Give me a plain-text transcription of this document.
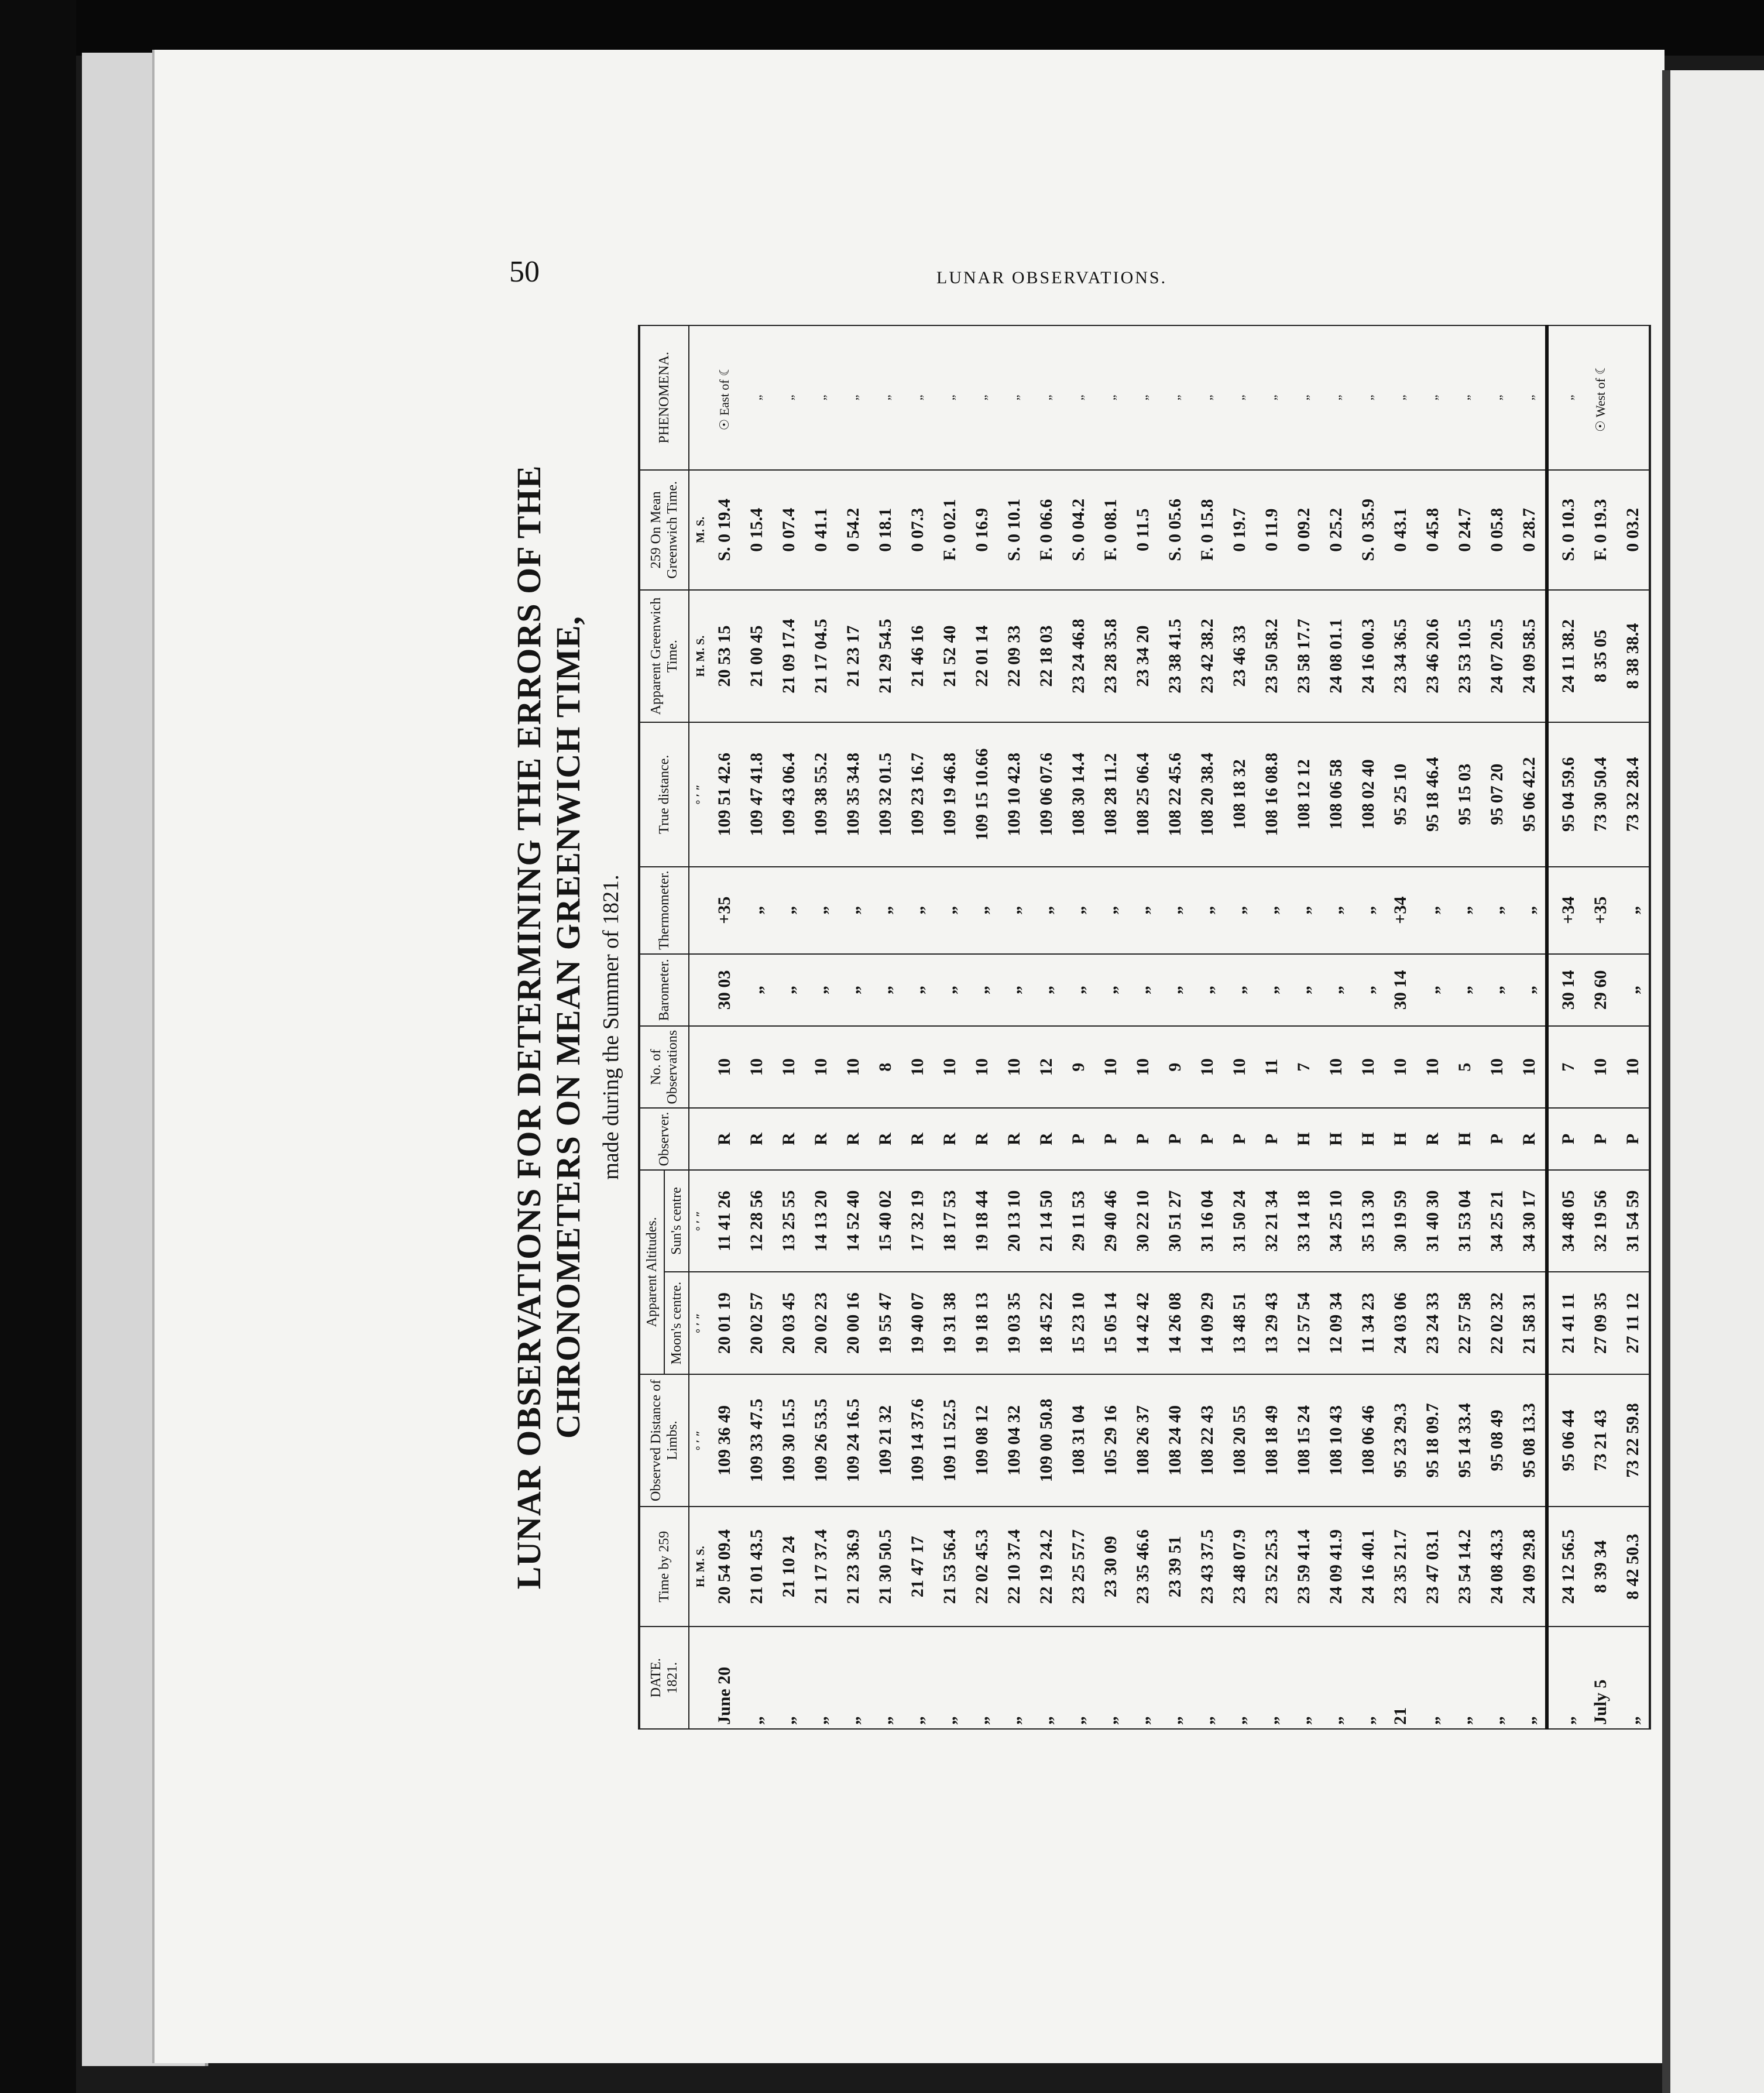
50	LUNAR OBSERVATIONS.
LUNAR OBSERVATIONS FOR DETERMINING THE ERRORS OF THE CHRONOMETERS ON MEAN GREENWICH TIME, made during the Summer of 1821.
DATE.
1821.	Time by 259	Observed Distance of Limbs.	Apparent Altitudes.		Observer.	No. of Observations	Barometer.	Thermometer.	True distance.	Apparent Greenwich Time.	259 On Mean Greenwich Time.	PHENOMENA.
			Moon's centre.	Sun's centre								
	H. M. S.	° ′ ″	° ′ ″	° ′ ″					° ′ ″	H. M. S.	M. S.	
June 20	20 54 09.4	109 36 49	20 01 19	11 41 26	R	10	30 03	+35	109 51 42.6	20 53 15	S. 0 19.4	☉ East of ☾
„	21 01 43.5	109 33 47.5	20 02 57	12 28 56	R	10	„	„	109 47 41.8	21 00 45	0 15.4	„
„	21 10 24	109 30 15.5	20 03 45	13 25 55	R	10	„	„	109 43 06.4	21 09 17.4	0 07.4	„
„	21 17 37.4	109 26 53.5	20 02 23	14 13 20	R	10	„	„	109 38 55.2	21 17 04.5	0 41.1	„
„	21 23 36.9	109 24 16.5	20 00 16	14 52 40	R	10	„	„	109 35 34.8	21 23 17	0 54.2	„
„	21 30 50.5	109 21 32	19 55 47	15 40 02	R	8	„	„	109 32 01.5	21 29 54.5	0 18.1	„
„	21 47 17	109 14 37.6	19 40 07	17 32 19	R	10	„	„	109 23 16.7	21 46 16	0 07.3	„
„	21 53 56.4	109 11 52.5	19 31 38	18 17 53	R	10	„	„	109 19 46.8	21 52 40	F. 0 02.1	„
„	22 02 45.3	109 08 12	19 18 13	19 18 44	R	10	„	„	109 15 10.66	22 01 14	0 16.9	„
„	22 10 37.4	109 04 32	19 03 35	20 13 10	R	10	„	„	109 10 42.8	22 09 33	S. 0 10.1	„
„	22 19 24.2	109 00 50.8	18 45 22	21 14 50	R	12	„	„	109 06 07.6	22 18 03	F. 0 06.6	„
„	23 25 57.7	108 31 04	15 23 10	29 11 53	P	9	„	„	108 30 14.4	23 24 46.8	S. 0 04.2	„
„	23 30 09	105 29 16	15 05 14	29 40 46	P	10	„	„	108 28 11.2	23 28 35.8	F. 0 08.1	„
„	23 35 46.6	108 26 37	14 42 42	30 22 10	P	10	„	„	108 25 06.4	23 34 20	0 11.5	„
„	23 39 51	108 24 40	14 26 08	30 51 27	P	9	„	„	108 22 45.6	23 38 41.5	S. 0 05.6	„
„	23 43 37.5	108 22 43	14 09 29	31 16 04	P	10	„	„	108 20 38.4	23 42 38.2	F. 0 15.8	„
„	23 48 07.9	108 20 55	13 48 51	31 50 24	P	10	„	„	108 18 32	23 46 33	0 19.7	„
„	23 52 25.3	108 18 49	13 29 43	32 21 34	P	11	„	„	108 16 08.8	23 50 58.2	0 11.9	„
„	23 59 41.4	108 15 24	12 57 54	33 14 18	H	7	„	„	108 12 12	23 58 17.7	0 09.2	„
„	24 09 41.9	108 10 43	12 09 34	34 25 10	H	10	„	„	108 06 58	24 08 01.1	0 25.2	„
„	24 16 40.1	108 06 46	11 34 23	35 13 30	H	10	„	„	108 02 40	24 16 00.3	S. 0 35.9	„
21	23 35 21.7	95 23 29.3	24 03 06	30 19 59	H	10	30 14	+34	95 25 10	23 34 36.5	0 43.1	„
„	23 47 03.1	95 18 09.7	23 24 33	31 40 30	R	10	„	„	95 18 46.4	23 46 20.6	0 45.8	„
„	23 54 14.2	95 14 33.4	22 57 58	31 53 04	H	5	„	„	95 15 03	23 53 10.5	0 24.7	„
„	24 08 43.3	95 08 49	22 02 32	34 25 21	P	10	„	„	95 07 20	24 07 20.5	0 05.8	„
„	24 09 29.8	95 08 13.3	21 58 31	34 30 17	R	10	„	„	95 06 42.2	24 09 58.5	0 28.7	„
„	24 12 56.5	95 06 44	21 41 11	34 48 05	P	7	30 14	+34	95 04 59.6	24 11 38.2	S. 0 10.3	„
July 5	8 39 34	73 21 43	27 09 35	32 19 56	P	10	29 60	+35	73 30 50.4	8 35 05	F. 0 19.3	☉ West of ☾
„	8 42 50.3	73 22 59.8	27 11 12	31 54 59	P	10	„	„	73 32 28.4	8 38 38.4	0 03.2	
